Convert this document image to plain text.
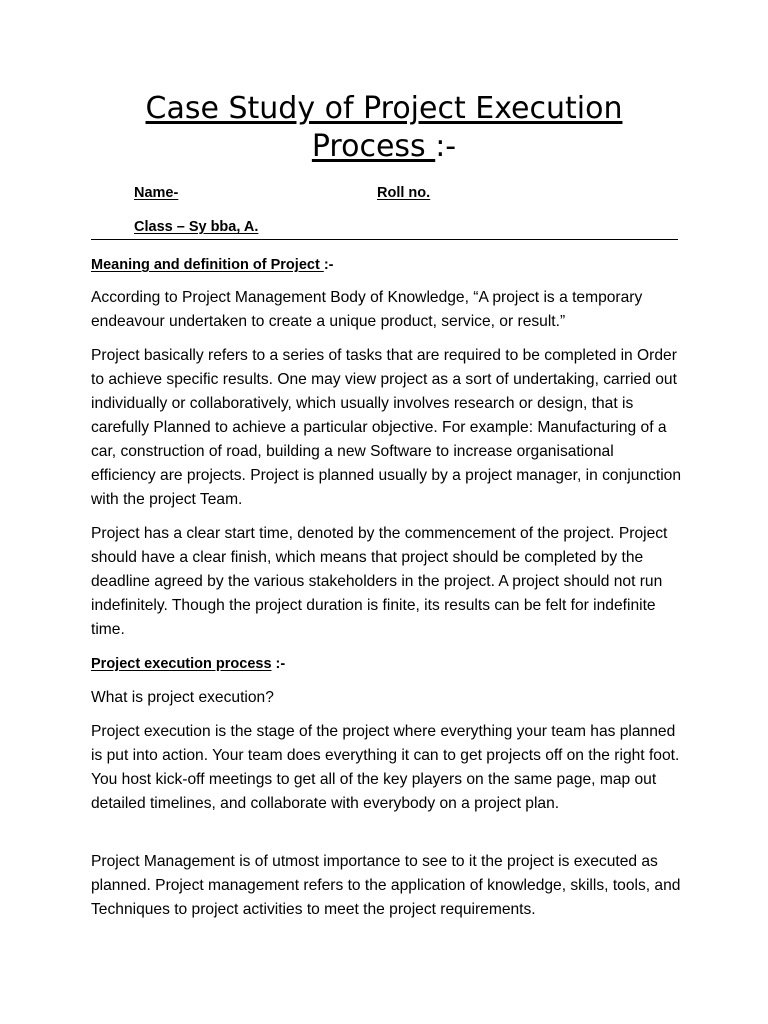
Case Study of Project Execution
Process :-
Name-	Roll no.
Class – Sy bba, A.
Meaning and definition of Project :-

According to Project Management Body of Knowledge, “A project is a temporary endeavour undertaken to create a unique product, service, or result.”

Project basically refers to a series of tasks that are required to be completed in Order to achieve specific results. One may view project as a sort of undertaking, carried out individually or collaboratively, which usually involves research or design, that is carefully Planned to achieve a particular objective. For example: Manufacturing of a car, construction of road, building a new Software to increase organisational efficiency are projects. Project is planned usually by a project manager, in conjunction with the project Team.

Project has a clear start time, denoted by the commencement of the project. Project should have a clear finish, which means that project should be completed by the deadline agreed by the various stakeholders in the project. A project should not run indefinitely. Though the project duration is finite, its results can be felt for indefinite time.

Project execution process :-

What is project execution?

Project execution is the stage of the project where everything your team has planned is put into action. Your team does everything it can to get projects off on the right foot. You host kick-off meetings to get all of the key players on the same page, map out detailed timelines, and collaborate with everybody on a project plan.

Project Management is of utmost importance to see to it the project is executed as planned. Project management refers to the application of knowledge, skills, tools, and Techniques to project activities to meet the project requirements.
